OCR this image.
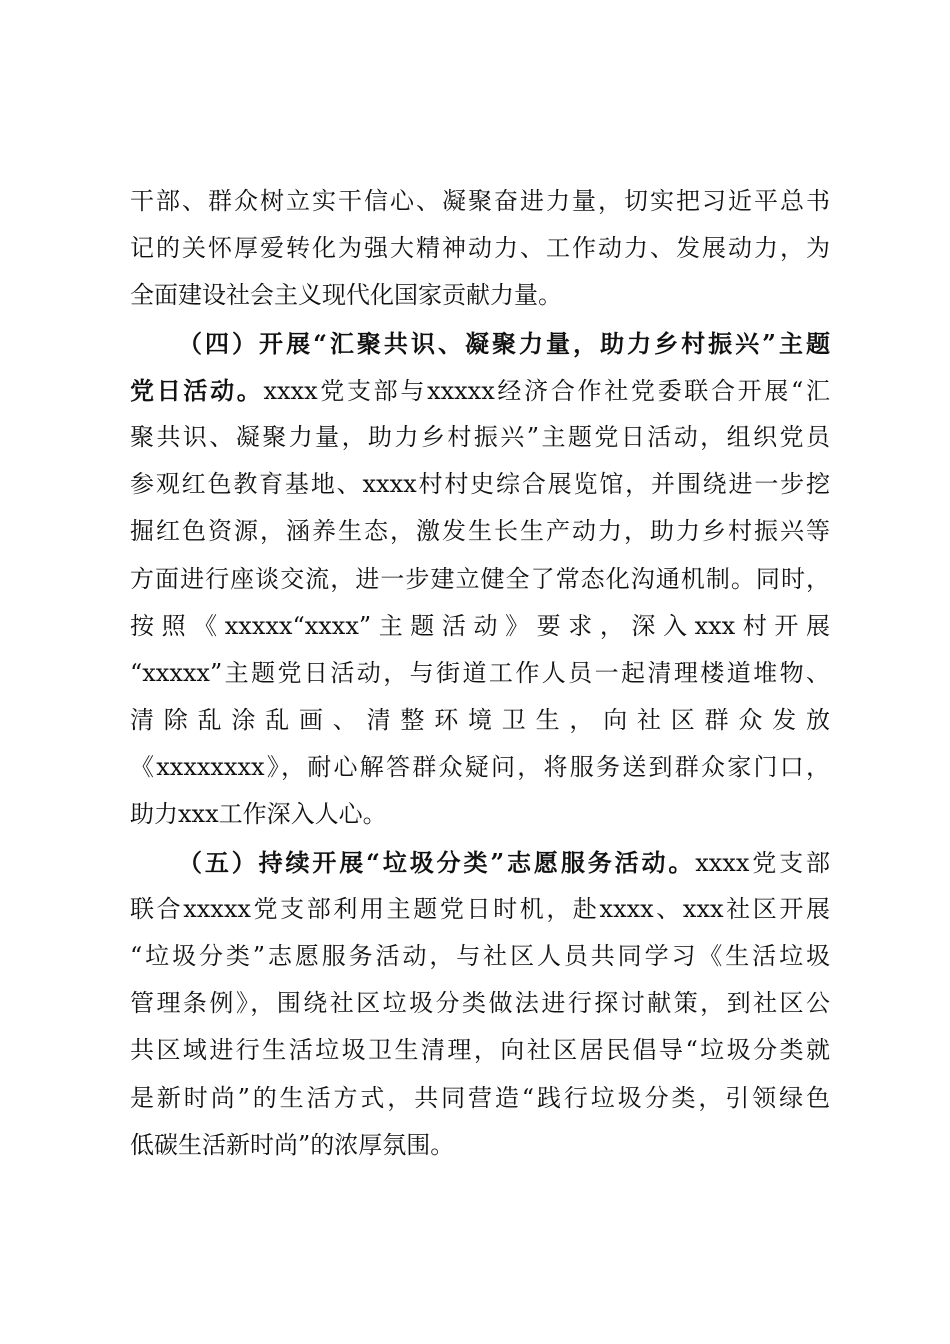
干部、群众树立实干信心、凝聚奋进力量，切实把习近平总书
记的关怀厚爱转化为强大精神动力、工作动力、发展动力，为
全面建设社会主义现代化国家贡献力量。
（四）开展“汇聚共识、凝聚力量，助力乡村振兴”主题
党日活动。xxxx党支部与xxxxx经济合作社党委联合开展“汇
聚共识、凝聚力量，助力乡村振兴”主题党日活动，组织党员
参观红色教育基地、xxxx村村史综合展览馆，并围绕进一步挖
掘红色资源，涵养生态，激发生长生产动力，助力乡村振兴等
方面进行座谈交流，进一步建立健全了常态化沟通机制。同时，
按照《xxxxx“xxxx”主题活动》要求，深入xxx村开展
“xxxxx”主题党日活动，与街道工作人员一起清理楼道堆物、
清除乱涂乱画、清整环境卫生，向社区群众发放
《xxxxxxxx》，耐心解答群众疑问，将服务送到群众家门口，
助力xxx工作深入人心。
（五）持续开展“垃圾分类”志愿服务活动。xxxx党支部
联合xxxxx党支部利用主题党日时机，赴xxxx、xxx社区开展
“垃圾分类”志愿服务活动，与社区人员共同学习《生活垃圾
管理条例》，围绕社区垃圾分类做法进行探讨献策，到社区公
共区域进行生活垃圾卫生清理，向社区居民倡导“垃圾分类就
是新时尚”的生活方式，共同营造“践行垃圾分类，引领绿色
低碳生活新时尚”的浓厚氛围。
